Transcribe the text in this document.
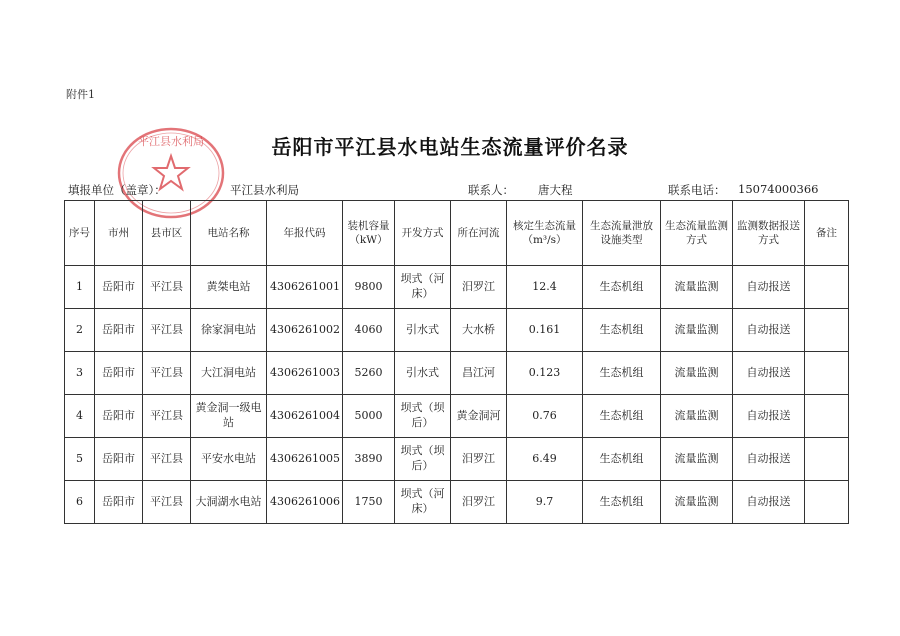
附件1
平江县水利局	岳阳市平江县水电站生态流量评价名录
填报单位（盖章）：	平江县水利局	联系人： 唐大程	联系电话： 15074000366
序号	市州	县市区	电站名称	年报代码	装机容量（kW）	开发方式	所在河流	核定生态流量（m³/s）	生态流量泄放设施类型	生态流量监测方式	监测数据报送方式	备注
1	岳阳市	平江县	黄桀电站	4306261001	9800	坝式（河床）	汨罗江	12.4	生态机组	流量监测	自动报送	
2	岳阳市	平江县	徐家洞电站	4306261002	4060	引水式	大水桥	0.161	生态机组	流量监测	自动报送	
3	岳阳市	平江县	大江洞电站	4306261003	5260	引水式	昌江河	0.123	生态机组	流量监测	自动报送	
4	岳阳市	平江县	黄金洞一级电站	4306261004	5000	坝式（坝后）	黄金洞河	0.76	生态机组	流量监测	自动报送	
5	岳阳市	平江县	平安水电站	4306261005	3890	坝式（坝后）	汨罗江	6.49	生态机组	流量监测	自动报送	
6	岳阳市	平江县	大洞湖水电站	4306261006	1750	坝式（河床）	汨罗江	9.7	生态机组	流量监测	自动报送	
